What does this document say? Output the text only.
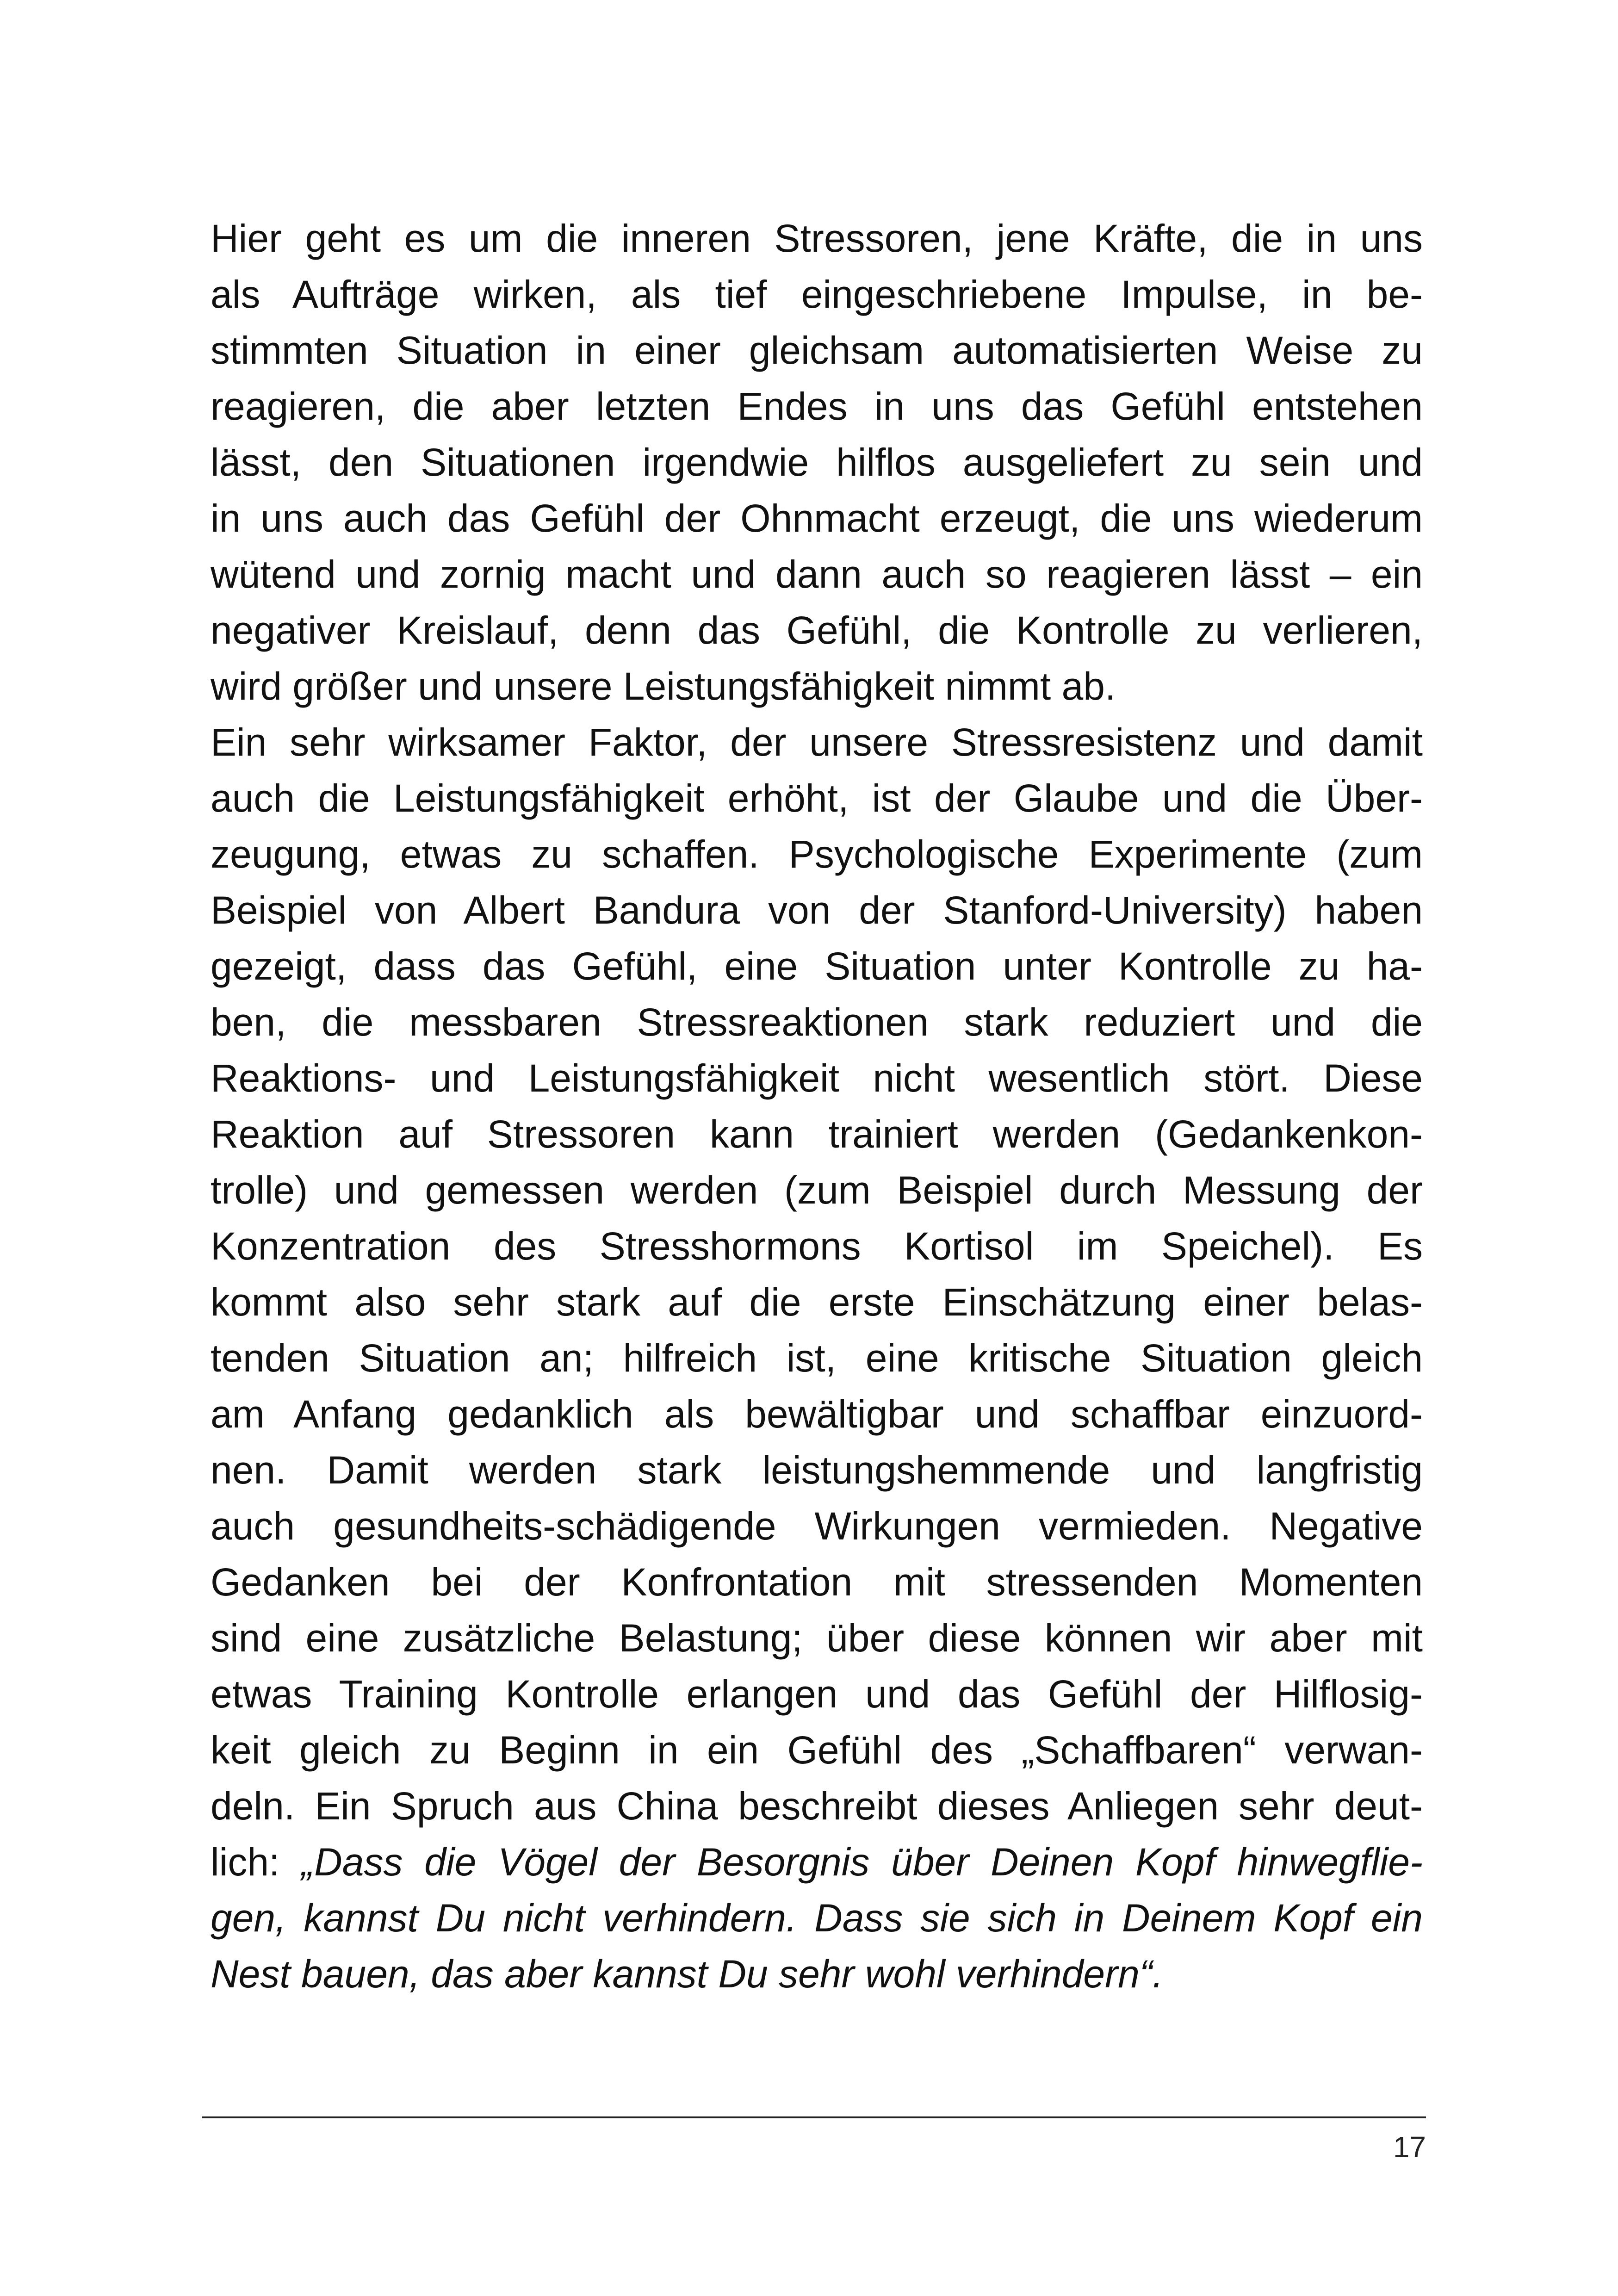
Hier geht es um die inneren Stressoren, jene Kräfte, die in uns
als Aufträge wirken, als tief eingeschriebene Impulse, in be-
stimmten Situation in einer gleichsam automatisierten Weise zu
reagieren, die aber letzten Endes in uns das Gefühl entstehen
lässt, den Situationen irgendwie hilflos ausgeliefert zu sein und
in uns auch das Gefühl der Ohnmacht erzeugt, die uns wiederum
wütend und zornig macht und dann auch so reagieren lässt – ein
negativer Kreislauf, denn das Gefühl, die Kontrolle zu verlieren,
wird größer und unsere Leistungsfähigkeit nimmt ab.
Ein sehr wirksamer Faktor, der unsere Stressresistenz und damit
auch die Leistungsfähigkeit erhöht, ist der Glaube und die Über-
zeugung, etwas zu schaffen. Psychologische Experimente (zum
Beispiel von Albert Bandura von der Stanford-University) haben
gezeigt, dass das Gefühl, eine Situation unter Kontrolle zu ha-
ben, die messbaren Stressreaktionen stark reduziert und die
Reaktions- und Leistungsfähigkeit nicht wesentlich stört. Diese
Reaktion auf Stressoren kann trainiert werden (Gedankenkon-
trolle) und gemessen werden (zum Beispiel durch Messung der
Konzentration des Stresshormons Kortisol im Speichel). Es
kommt also sehr stark auf die erste Einschätzung einer belas-
tenden Situation an; hilfreich ist, eine kritische Situation gleich
am Anfang gedanklich als bewältigbar und schaffbar einzuord-
nen. Damit werden stark leistungshemmende und langfristig
auch gesundheits-schädigende Wirkungen vermieden. Negative
Gedanken bei der Konfrontation mit stressenden Momenten
sind eine zusätzliche Belastung; über diese können wir aber mit
etwas Training Kontrolle erlangen und das Gefühl der Hilflosig-
keit gleich zu Beginn in ein Gefühl des „Schaffbaren“ verwan-
deln. Ein Spruch aus China beschreibt dieses Anliegen sehr deut-
lich: „Dass die Vögel der Besorgnis über Deinen Kopf hinwegflie-
gen, kannst Du nicht verhindern. Dass sie sich in Deinem Kopf ein
Nest bauen, das aber kannst Du sehr wohl verhindern“.
17
